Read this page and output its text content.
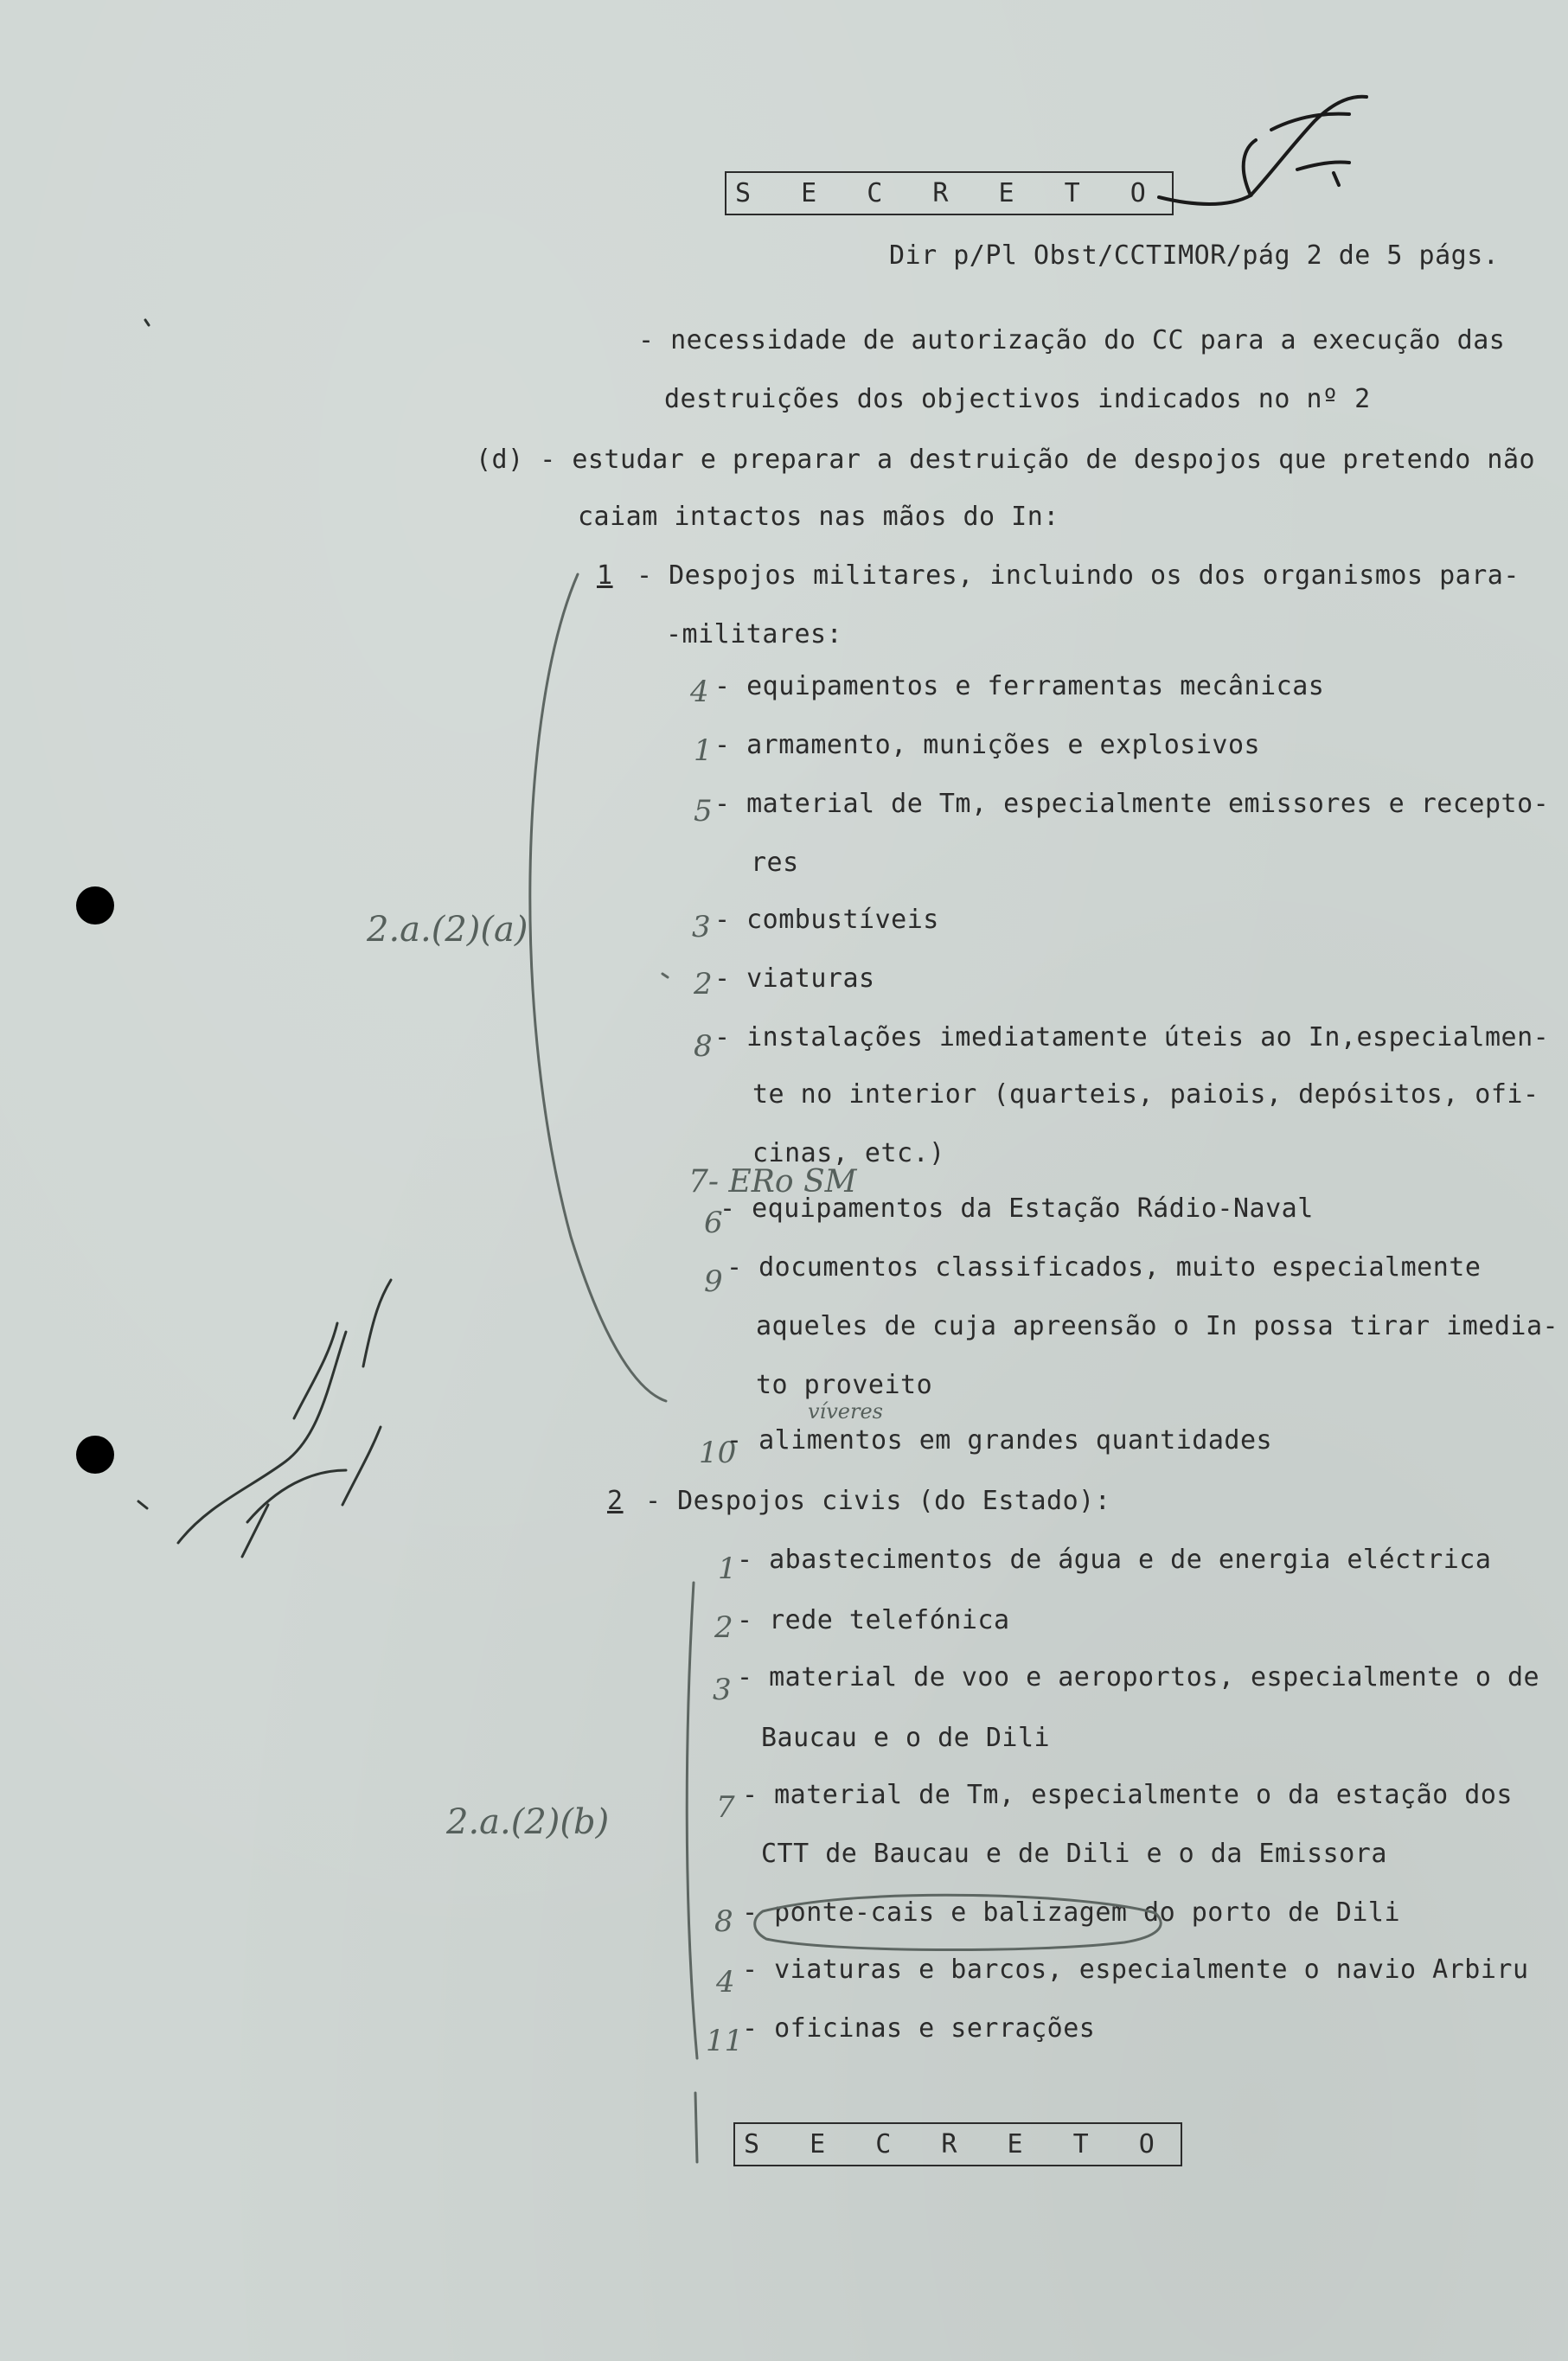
S E C R E T O
Dir p/Pl Obst/CCTIMOR/pág 2 de 5 págs.
- necessidade de autorização do CC para a execução das
destruições dos objectivos indicados no nº 2
(d) - estudar e preparar a destruição de despojos que pretendo não
caiam intactos nas mãos do In:
1 - Despojos militares, incluindo os dos organismos para-
-militares:
4 - equipamentos e ferramentas mecânicas
1 - armamento, munições e explosivos
5 - material de Tm, especialmente emissores e recepto-
res
3 - combustíveis
2 - viaturas
8 - instalações imediatamente úteis ao In,especialmen-
te no interior (quarteis, paiois, depósitos, ofi-
cinas, etc.)
7- ERo SM
6
- equipamentos da Estação Rádio-Naval
9 - documentos classificados, muito especialmente
aqueles de cuja apreensão o In possa tirar imedia-
to proveito
víveres
10
- alimentos em grandes quantidades
2 - Despojos civis (do Estado):
1 - abastecimentos de água e de energia eléctrica
2 - rede telefónica
3 - material de voo e aeroportos, especialmente o de
Baucau e o de Dili
7 - material de Tm, especialmente o da estação dos
CTT de Baucau e de Dili e o da Emissora
8 - ponte-cais e balizagem do porto de Dili
4 - viaturas e barcos, especialmente o navio Arbiru
11
- oficinas e serrações
2.a.(2)(a)
2.a.(2)(b)
S E C R E T O
